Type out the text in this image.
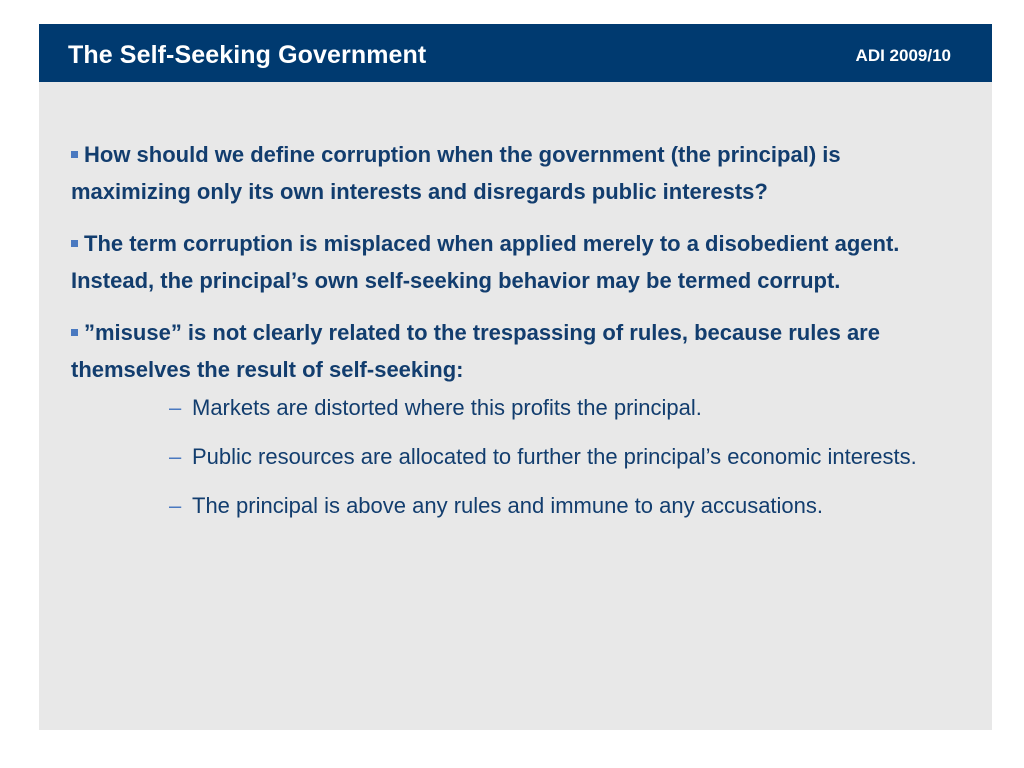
The Self-Seeking Government	ADI 2009/10
How should we define corruption when the government (the principal) is maximizing only its own interests and disregards public interests?
The term corruption is misplaced when applied merely to a disobedient agent. Instead, the principal’s own self-seeking behavior may be termed corrupt.
”misuse” is not clearly related to the trespassing of rules, because rules are themselves the result of self-seeking:
– Markets are distorted where this profits the principal.
– Public resources are allocated to further the principal’s economic interests.
– The principal is above any rules and immune to any accusations.
